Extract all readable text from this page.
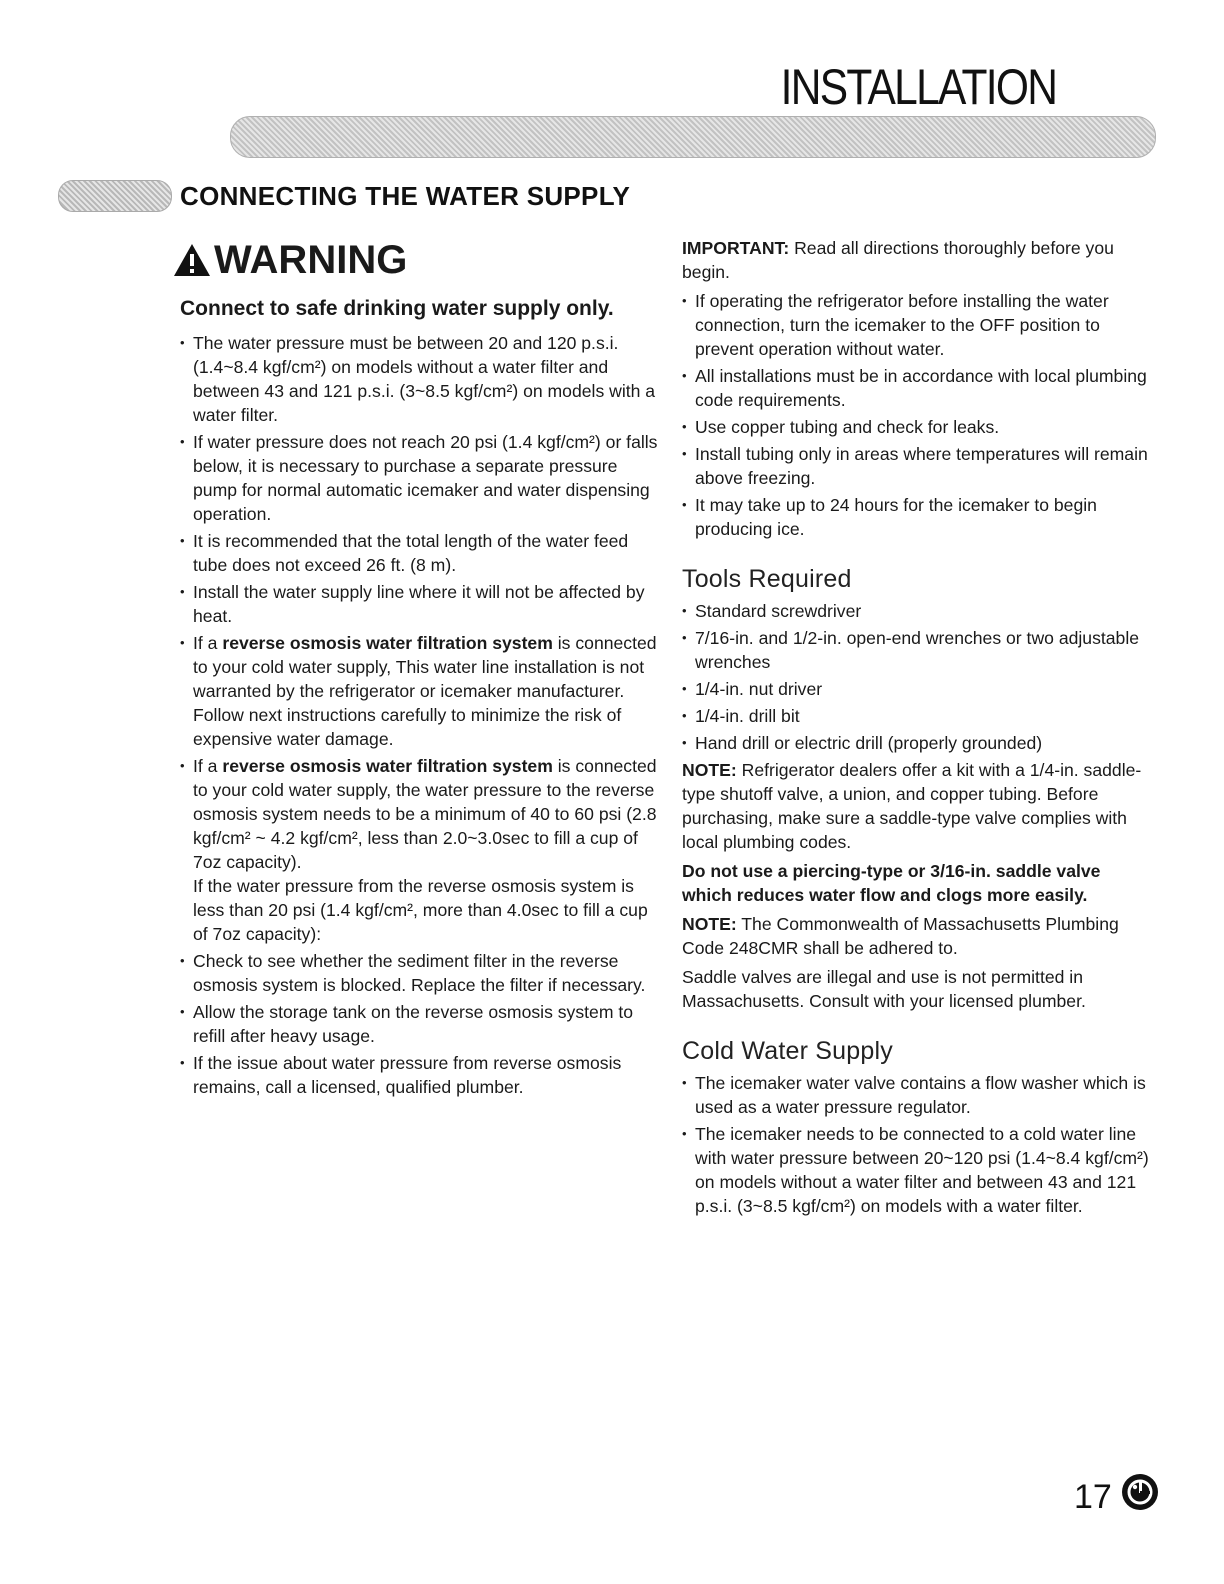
INSTALLATION
CONNECTING THE WATER SUPPLY
WARNING
Connect to safe drinking water supply only.
• The water pressure must be between 20 and 120 p.s.i. (1.4~8.4 kgf/cm²) on models without a water filter and between 43 and 121 p.s.i. (3~8.5 kgf/cm²) on models with a water filter.
• If water pressure does not reach 20 psi (1.4 kgf/cm²) or falls below, it is necessary to purchase a separate pressure pump for normal automatic icemaker and water dispensing operation.
• It is recommended that the total length of the water feed tube does not exceed 26 ft. (8 m).
• Install the water supply line where it will not be affected by heat.
• If a reverse osmosis water filtration system is connected to your cold water supply, This water line installation is not warranted by the refrigerator or icemaker manufacturer. Follow next instructions carefully to minimize the risk of expensive water damage.
• If a reverse osmosis water filtration system is connected to your cold water supply, the water pressure to the reverse osmosis system needs to be a minimum of 40 to 60 psi (2.8 kgf/cm² ~ 4.2 kgf/cm², less than 2.0~3.0sec to fill a cup of 7oz capacity).
If the water pressure from the reverse osmosis system is less than 20 psi (1.4 kgf/cm², more than 4.0sec to fill a cup of 7oz capacity):
• Check to see whether the sediment filter in the reverse osmosis system is blocked. Replace the filter if necessary.
• Allow the storage tank on the reverse osmosis system to refill after heavy usage.
• If the issue about water pressure from reverse osmosis remains, call a licensed, qualified plumber.

IMPORTANT: Read all directions thoroughly before you begin.

• If operating the refrigerator before installing the water connection, turn the icemaker to the OFF position to prevent operation without water.
• All installations must be in accordance with local plumbing code requirements.
• Use copper tubing and check for leaks.
• Install tubing only in areas where temperatures will remain above freezing.
• It may take up to 24 hours for the icemaker to begin producing ice.
Tools Required
• Standard screwdriver
• 7/16-in. and 1/2-in. open-end wrenches or two adjustable wrenches
• 1/4-in. nut driver
• 1/4-in. drill bit
• Hand drill or electric drill (properly grounded)

NOTE: Refrigerator dealers offer a kit with a 1/4-in. saddle-type shutoff valve, a union, and copper tubing. Before purchasing, make sure a saddle-type valve complies with local plumbing codes.

Do not use a piercing-type or 3/16-in. saddle valve which reduces water flow and clogs more easily.

NOTE: The Commonwealth of Massachusetts Plumbing Code 248CMR shall be adhered to.

Saddle valves are illegal and use is not permitted in Massachusetts. Consult with your licensed plumber.

Cold Water Supply
• The icemaker water valve contains a flow washer which is used as a water pressure regulator.
• The icemaker needs to be connected to a cold water line with water pressure between 20~120 psi (1.4~8.4 kgf/cm²) on models without a water filter and between 43 and 121 p.s.i. (3~8.5 kgf/cm²) on models with a water filter.
17
